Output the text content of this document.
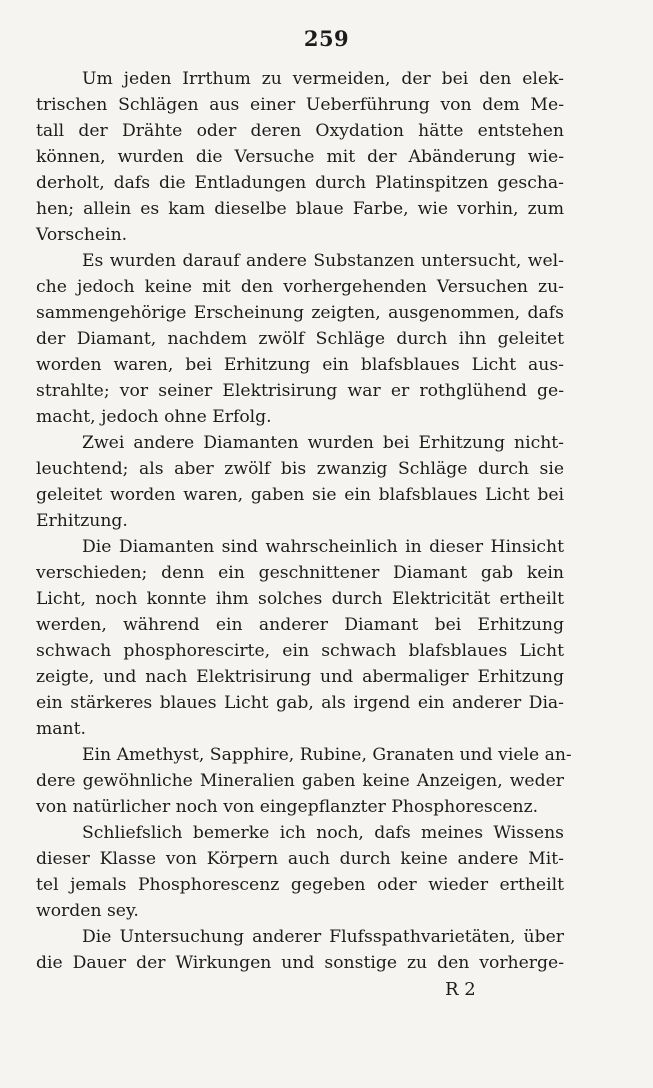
259
Um jeden Irrthum zu vermeiden, der bei den elek-
trischen Schlägen aus einer Ueberführung von dem Me-
tall der Drähte oder deren Oxydation hätte entstehen
können, wurden die Versuche mit der Abänderung wie-
derholt, dafs die Entladungen durch Platinspitzen gescha-
hen; allein es kam dieselbe blaue Farbe, wie vorhin, zum
Vorschein.
Es wurden darauf andere Substanzen untersucht, wel-
che jedoch keine mit den vorhergehenden Versuchen zu-
sammengehörige Erscheinung zeigten, ausgenommen, dafs
der Diamant, nachdem zwölf Schläge durch ihn geleitet
worden waren, bei Erhitzung ein blafsblaues Licht aus-
strahlte; vor seiner Elektrisirung war er rothglühend ge-
macht, jedoch ohne Erfolg.
Zwei andere Diamanten wurden bei Erhitzung nicht-
leuchtend; als aber zwölf bis zwanzig Schläge durch sie
geleitet worden waren, gaben sie ein blafsblaues Licht bei
Erhitzung.
Die Diamanten sind wahrscheinlich in dieser Hinsicht
verschieden; denn ein geschnittener Diamant gab kein
Licht, noch konnte ihm solches durch Elektricität ertheilt
werden, während ein anderer Diamant bei Erhitzung
schwach phosphorescirte, ein schwach blafsblaues Licht
zeigte, und nach Elektrisirung und abermaliger Erhitzung
ein stärkeres blaues Licht gab, als irgend ein anderer Dia-
mant.
Ein Amethyst, Sapphire, Rubine, Granaten und viele an-
dere gewöhnliche Mineralien gaben keine Anzeigen, weder
von natürlicher noch von eingepflanzter Phosphorescenz.
Schliefslich bemerke ich noch, dafs meines Wissens
dieser Klasse von Körpern auch durch keine andere Mit-
tel jemals Phosphorescenz gegeben oder wieder ertheilt
worden sey.
Die Untersuchung anderer Flufsspathvarietäten, über
die Dauer der Wirkungen und sonstige zu den vorherge-
R 2
